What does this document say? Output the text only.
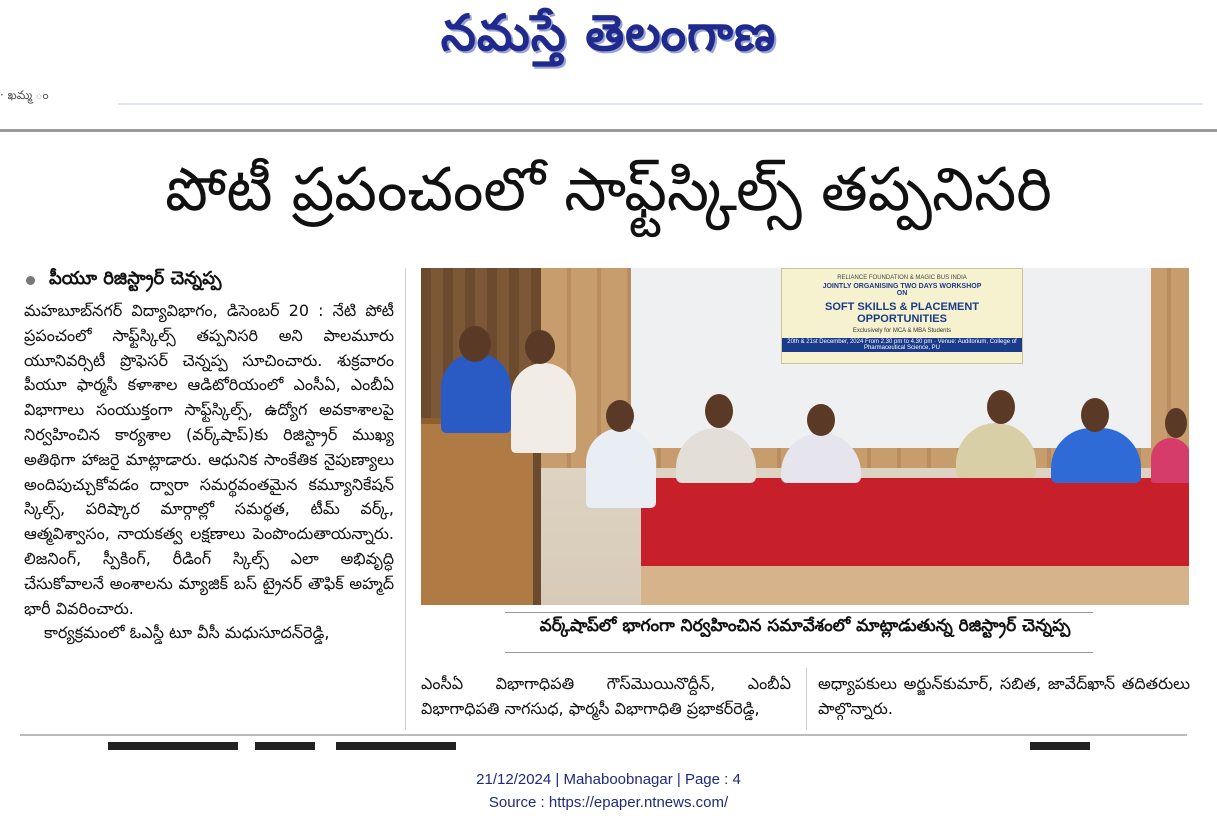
నమస్తే తెలంగాణ
· ఖమ్మ ం
పోటీ ప్రపంచంలో సాఫ్ట్‌స్కిల్స్ తప్పనిసరి
పీయూ రిజిస్ట్రార్ చెన్నప్ప

మహబూబ్‌నగర్ విద్యావిభాగం, డిసెంబర్ 20 : నేటి పోటీ ప్రపంచంలో సాఫ్ట్‌స్కిల్స్ తప్పనిసరి అని పాలమూరు యూనివర్సిటీ ప్రొఫెసర్ చెన్నప్ప సూచించారు. శుక్రవారం పీయూ ఫార్మసీ కళాశాల ఆడిటోరియంలో ఎంసీఏ, ఎంబీఏ విభాగాలు సంయుక్తంగా సాఫ్ట్‌స్కిల్స్, ఉద్యోగ అవకాశాలపై నిర్వహించిన కార్యశాల (వర్క్‌షాప్)కు రిజిస్ట్రార్ ముఖ్య అతిథిగా హాజరై మాట్లాడారు. ఆధునిక సాంకేతిక నైపుణ్యాలు అందిపుచ్చుకోవడం ద్వారా సమర్థవంతమైన కమ్యూనికేషన్ స్కిల్స్, పరిష్కార మార్గాల్లో సమర్థత, టీమ్ వర్క్, ఆత్మవిశ్వాసం, నాయకత్వ లక్షణాలు పెంపొందుతాయన్నారు. లిజనింగ్, స్పీకింగ్, రీడింగ్ స్కిల్స్ ఎలా అభివృద్ధి చేసుకోవాలనే అంశాలను మ్యాజిక్ బస్ ట్రైనర్ తౌఫిక్ అహ్మద్ భారీ వివరించారు.

కార్యక్రమంలో ఓఎస్డీ టూ వీసీ మధుసూదన్‌రెడ్డి,

RELIANCE FOUNDATION & MAGIC BUS INDIA
JOINTLY ORGANISING TWO DAYS WORKSHOP
ON
SOFT SKILLS & PLACEMENT OPPORTUNITIES
Exclusively for MCA & MBA Students
20th & 21st December, 2024 From 2.30 pm to 4.30 pm · Venue: Auditorium, College of Pharmaceutical Science, PU
వర్క్‌షాప్‌లో భాగంగా నిర్వహించిన సమావేశంలో మాట్లాడుతున్న రిజిస్ట్రార్ చెన్నప్ప

ఎంసీఏ విభాగాధిపతి గౌస్‌మొయినొద్దీన్, ఎంబీఏ విభాగాధిపతి నాగసుధ, ఫార్మసీ విభాగాధితి ప్రభాకర్‌రెడ్డి,

అధ్యాపకులు అర్జున్‌కుమార్, సబిత, జావేద్‌ఖాన్ తదితరులు పాల్గొన్నారు.

21/12/2024 | Mahaboobnagar | Page : 4
Source : https://epaper.ntnews.com/
